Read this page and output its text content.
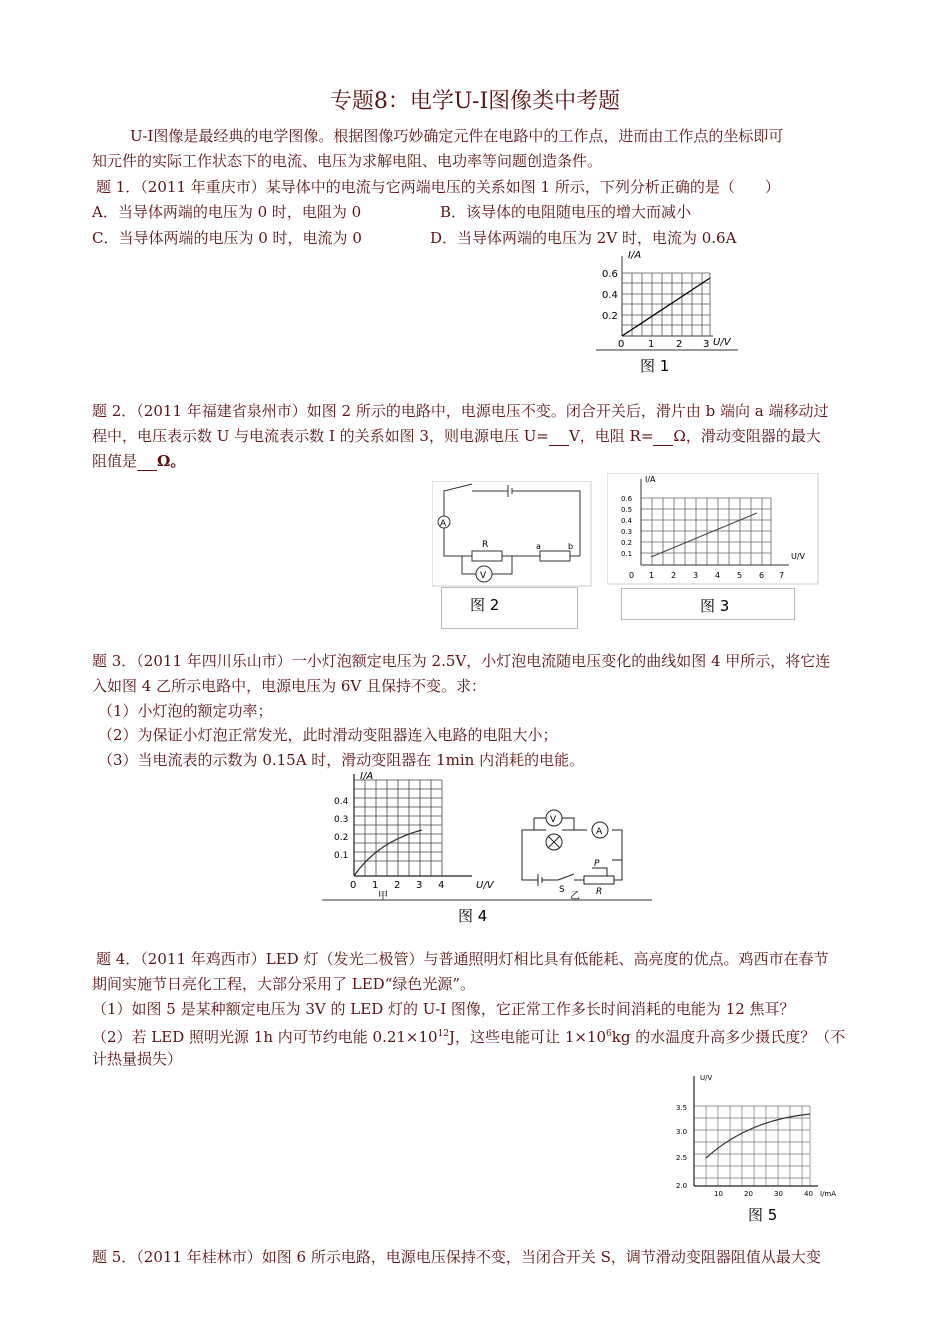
专题8：电学U-I图像类中考题
U-I图像是最经典的电学图像。根据图像巧妙确定元件在电路中的工作点，进而由工作点的坐标即可
知元件的实际工作状态下的电流、电压为求解电阻、电功率等问题创造条件。
题 1．（2011 年重庆市）某导体中的电流与它两端电压的关系如图 1 所示，下列分析正确的是（　　）
A．当导体两端的电压为 0 时，电阻为 0	B．该导体的电阻随电压的增大而减小
C．当导体两端的电压为 0 时，电流为 0	D．当导体两端的电压为 2V 时，电流为 0.6A
I/A
U/V
0.6
0.4
0.2
0 1 2 3
图 1
题 2．（2011 年福建省泉州市）如图 2 所示的电路中，电源电压不变。闭合开关后，滑片由 b 端向 a 端移动过
程中，电压表示数 U 与电流表示数 I 的关系如图 3，则电源电压 U= V，电阻 R= Ω，滑动变阻器的最大
阻值是 Ω。
A
R
V
a	b
图 2
I/A
U/V
0.6
0.5
0.4
0.3
0.2
0.1
0 1 2 3 4 5 6 7
图 3
题 3．（2011 年四川乐山市）一小灯泡额定电压为 2.5V，小灯泡电流随电压变化的曲线如图 4 甲所示，将它连
入如图 4 乙所示电路中，电源电压为 6V 且保持不变。求：
（1）小灯泡的额定功率；
（2）为保证小灯泡正常发光，此时滑动变阻器连入电路的电阻大小；
（3）当电流表的示数为 0.15A 时，滑动变阻器在 1min 内消耗的电能。
I/A
U/V
0.4
0.3
0.2
0.1
0 1 2 3 4
甲
V
A
P
S	R
乙
图 4
题 4．（2011 年鸡西市）LED 灯（发光二极管）与普通照明灯相比具有低能耗、高亮度的优点。鸡西市在春节
期间实施节日亮化工程，大部分采用了 LED“绿色光源”。
（1）如图 5 是某种额定电压为 3V 的 LED 灯的 U-I 图像，它正常工作多长时间消耗的电能为 12 焦耳？
（2）若 LED 照明光源 1h 内可节约电能 $0.21\times 10^{12}J$，这些电能可让 $1\times 10^6kg$ 的水温度升高多少摄氏度？（不
计热量损失）
U/V
I/mA
3.5
3.0
2.5
2.0
10	20	30	40
图 5
题 5．（2011 年桂林市）如图 6 所示电路，电源电压保持不变，当闭合开关 S，调节滑动变阻器阻值从最大变
